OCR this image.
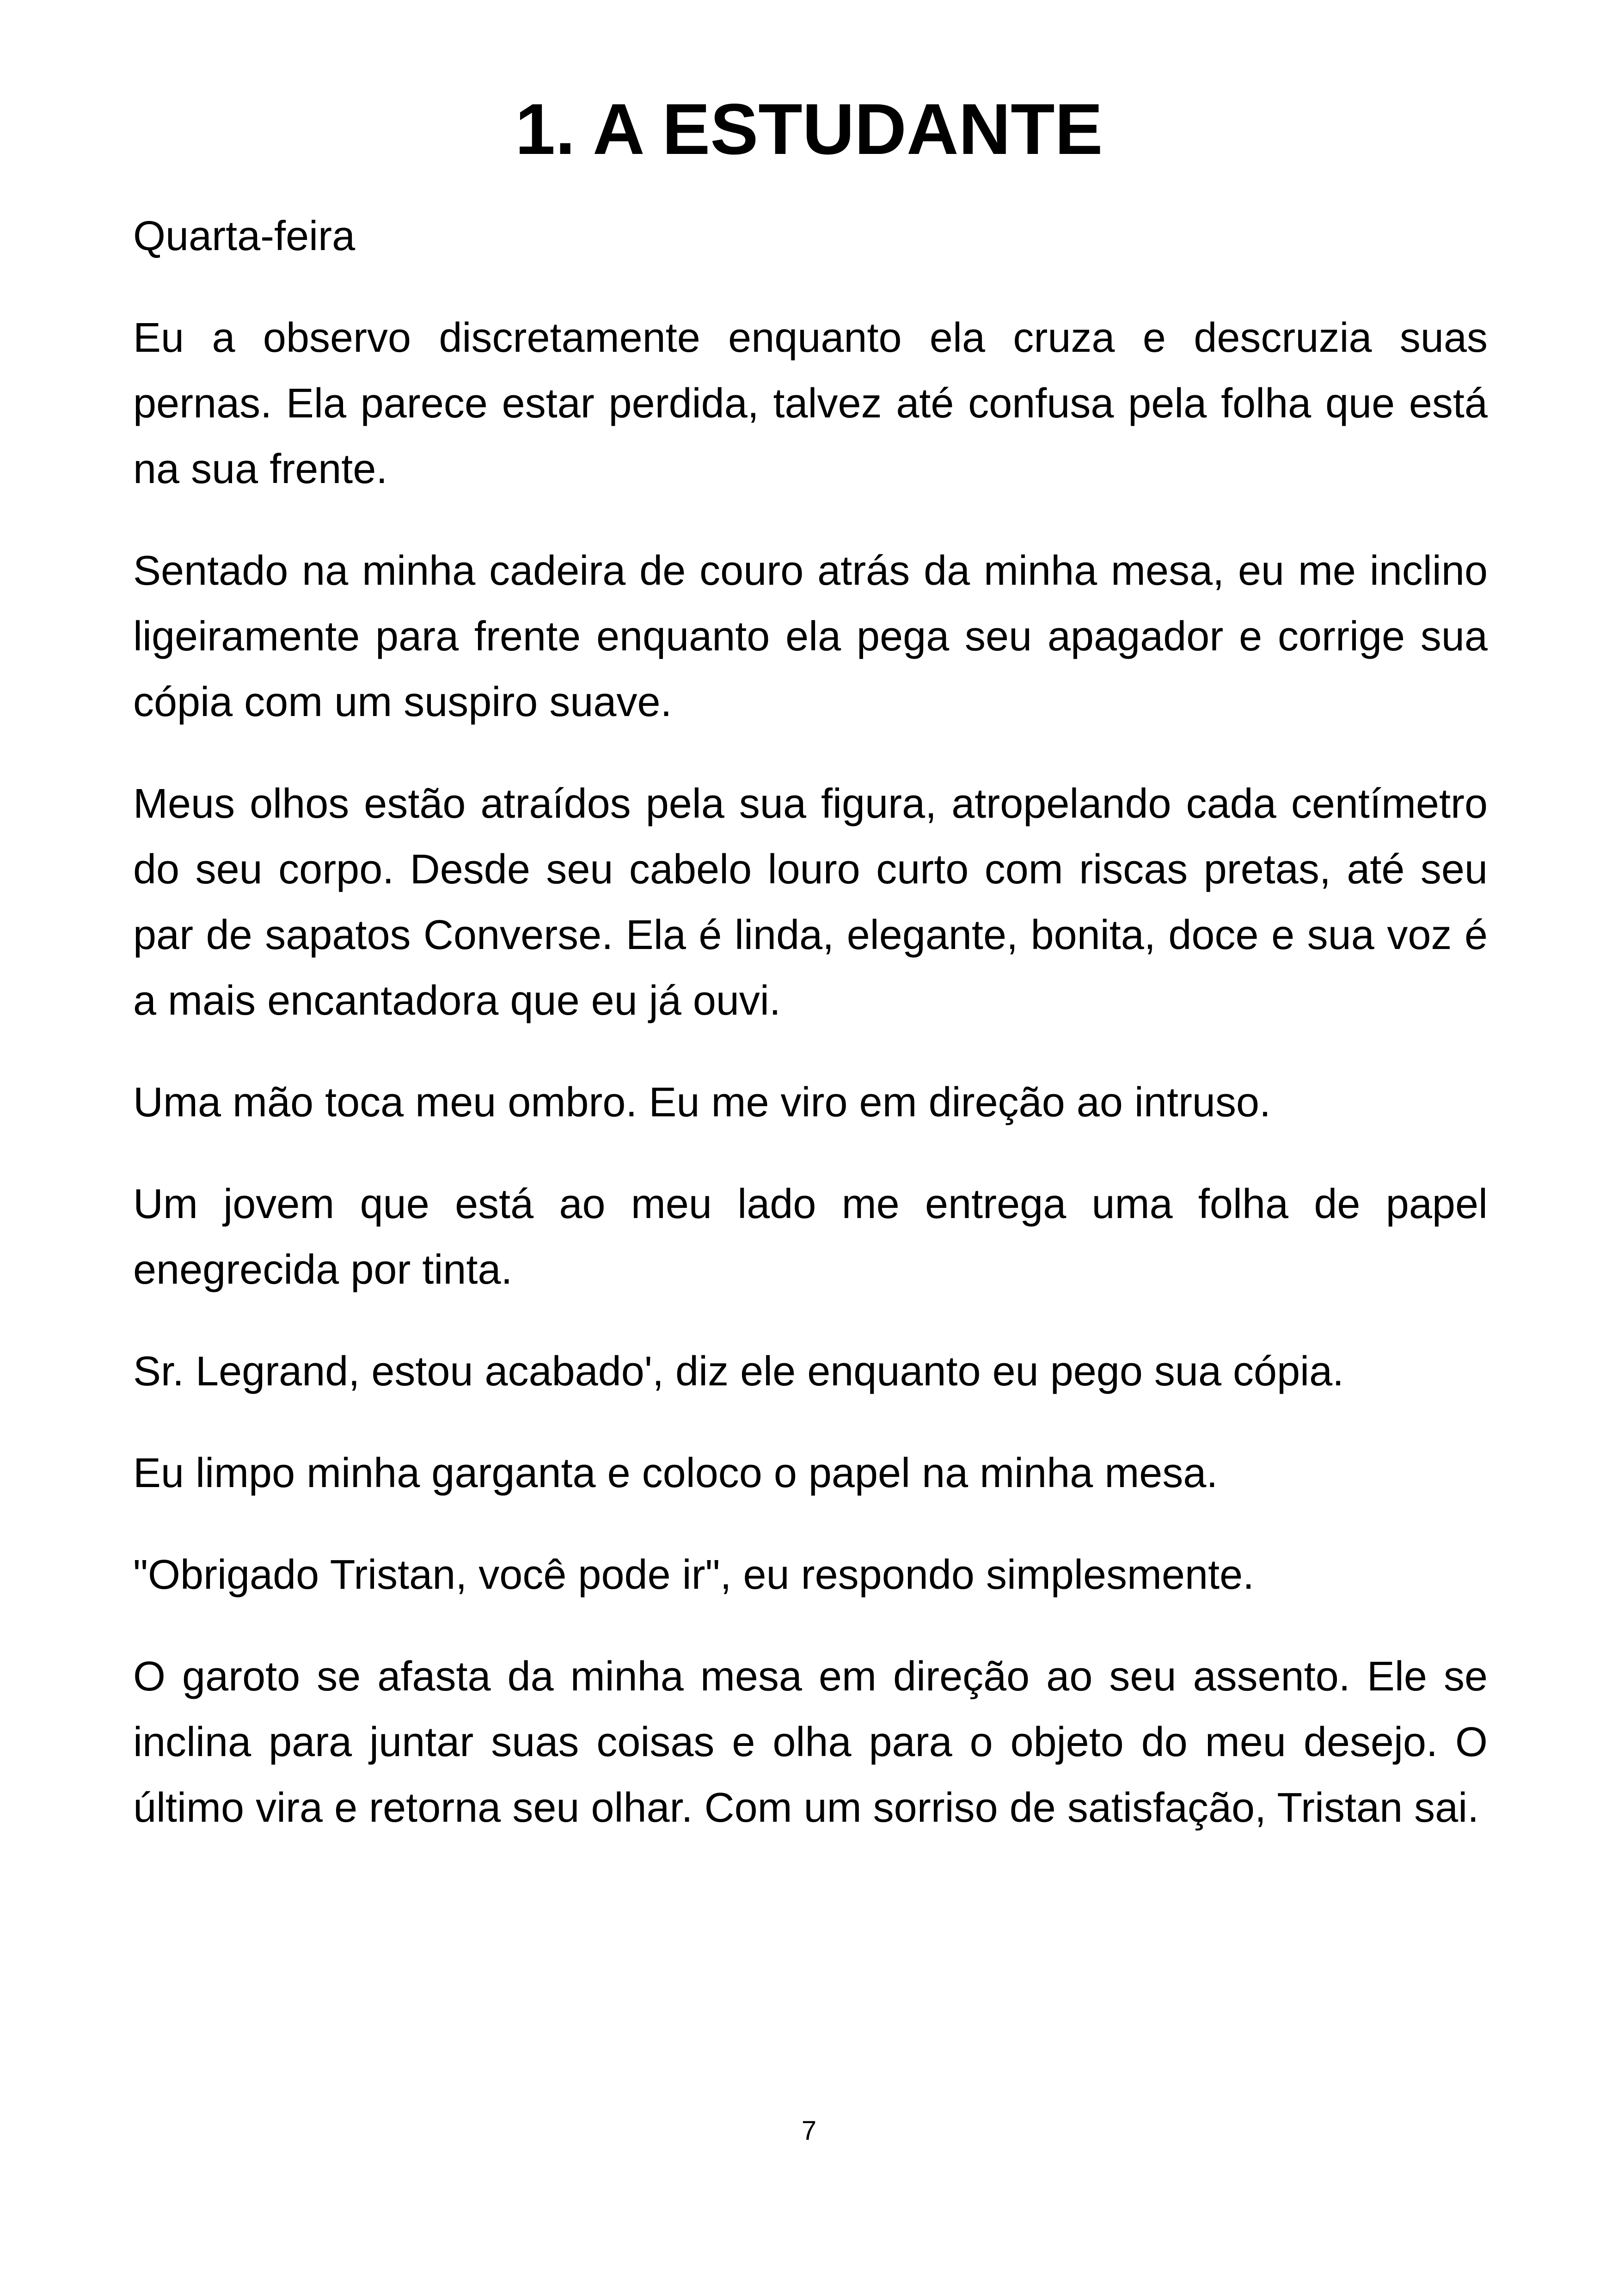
1. A ESTUDANTE

Quarta-feira

Eu a observo discretamente enquanto ela cruza e descruzia suas pernas. Ela parece estar perdida, talvez até confusa pela folha que está na sua frente.

Sentado na minha cadeira de couro atrás da minha mesa, eu me inclino ligeiramente para frente enquanto ela pega seu apagador e corrige sua cópia com um suspiro suave.

Meus olhos estão atraídos pela sua figura, atropelando cada centímetro do seu corpo. Desde seu cabelo louro curto com riscas pretas, até seu par de sapatos Converse. Ela é linda, elegante, bonita, doce e sua voz é a mais encantadora que eu já ouvi.

Uma mão toca meu ombro. Eu me viro em direção ao intruso.

Um jovem que está ao meu lado me entrega uma folha de papel enegrecida por tinta.

Sr. Legrand, estou acabado', diz ele enquanto eu pego sua cópia.

Eu limpo minha garganta e coloco o papel na minha mesa.

"Obrigado Tristan, você pode ir", eu respondo simplesmente.

O garoto se afasta da minha mesa em direção ao seu assento. Ele se inclina para juntar suas coisas e olha para o objeto do meu desejo. O último vira e retorna seu olhar. Com um sorriso de satisfação, Tristan sai.

7
